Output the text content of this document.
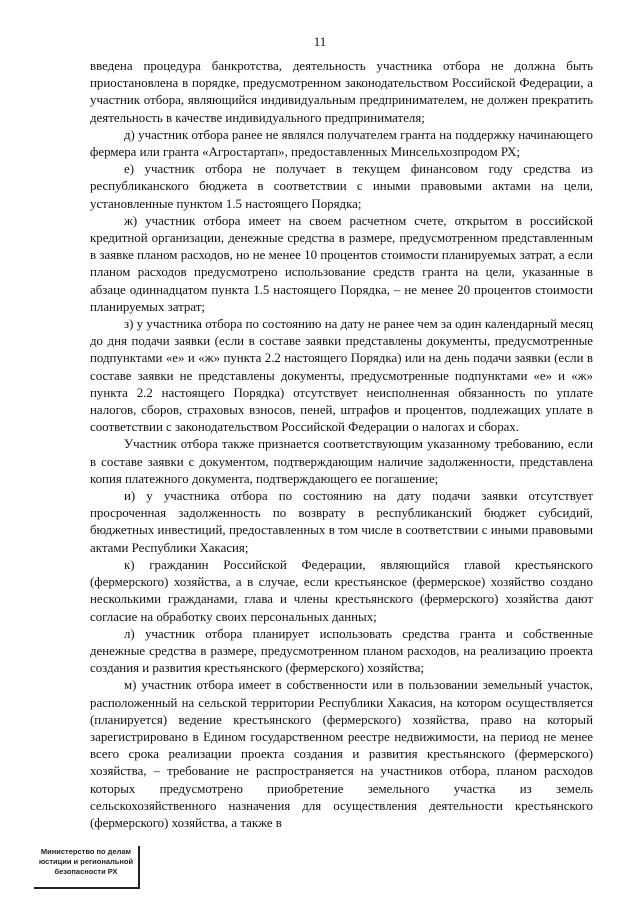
11

введена процедура банкротства, деятельность участника отбора не должна быть приостановлена в порядке, предусмотренном законодательством Российской Федерации, а участник отбора, являющийся индивидуальным предпринимателем, не должен прекратить деятельность в качестве индивидуального предпринимателя;

д) участник отбора ранее не являлся получателем гранта на поддержку начинающего фермера или гранта «Агростартап», предоставленных Минсельхозпродом РХ;

е) участник отбора не получает в текущем финансовом году средства из республиканского бюджета в соответствии с иными правовыми актами на цели, установленные пунктом 1.5 настоящего Порядка;

ж) участник отбора имеет на своем расчетном счете, открытом в российской кредитной организации, денежные средства в размере, предусмотренном представленным в заявке планом расходов, но не менее 10 процентов стоимости планируемых затрат, а если планом расходов предусмотрено использование средств гранта на цели, указанные в абзаце одиннадцатом пункта 1.5 настоящего Порядка, – не менее 20 процентов стоимости планируемых затрат;

з) у участника отбора по состоянию на дату не ранее чем за один календарный месяц до дня подачи заявки (если в составе заявки представлены документы, предусмотренные подпунктами «е» и «ж» пункта 2.2 настоящего Порядка) или на день подачи заявки (если в составе заявки не представлены документы, предусмотренные подпунктами «е» и «ж» пункта 2.2 настоящего Порядка) отсутствует неисполненная обязанность по уплате налогов, сборов, страховых взносов, пеней, штрафов и процентов, подлежащих уплате в соответствии с законодательством Российской Федерации о налогах и сборах.

Участник отбора также признается соответствующим указанному требованию, если в составе заявки с документом, подтверждающим наличие задолженности, представлена копия платежного документа, подтверждающего ее погашение;

и) у участника отбора по состоянию на дату подачи заявки отсутствует просроченная задолженность по возврату в республиканский бюджет субсидий, бюджетных инвестиций, предоставленных в том числе в соответствии с иными правовыми актами Республики Хакасия;

к) гражданин Российской Федерации, являющийся главой крестьянского (фермерского) хозяйства, а в случае, если крестьянское (фермерское) хозяйство создано несколькими гражданами, глава и члены крестьянского (фермерского) хозяйства дают согласие на обработку своих персональных данных;

л) участник отбора планирует использовать средства гранта и собственные денежные средства в размере, предусмотренном планом расходов, на реализацию проекта создания и развития крестьянского (фермерского) хозяйства;

м) участник отбора имеет в собственности или в пользовании земельный участок, расположенный на сельской территории Республики Хакасия, на котором осуществляется (планируется) ведение крестьянского (фермерского) хозяйства, право на который зарегистрировано в Едином государственном реестре недвижимости, на период не менее всего срока реализации проекта создания и развития крестьянского (фермерского) хозяйства, – требование не распространяется на участников отбора, планом расходов которых предусмотрено приобретение земельного участка из земель сельскохозяйственного назначения для осуществления деятельности крестьянского (фермерского) хозяйства, а также в

Министерство по делам
юстиции и региональной
безопасности РХ
